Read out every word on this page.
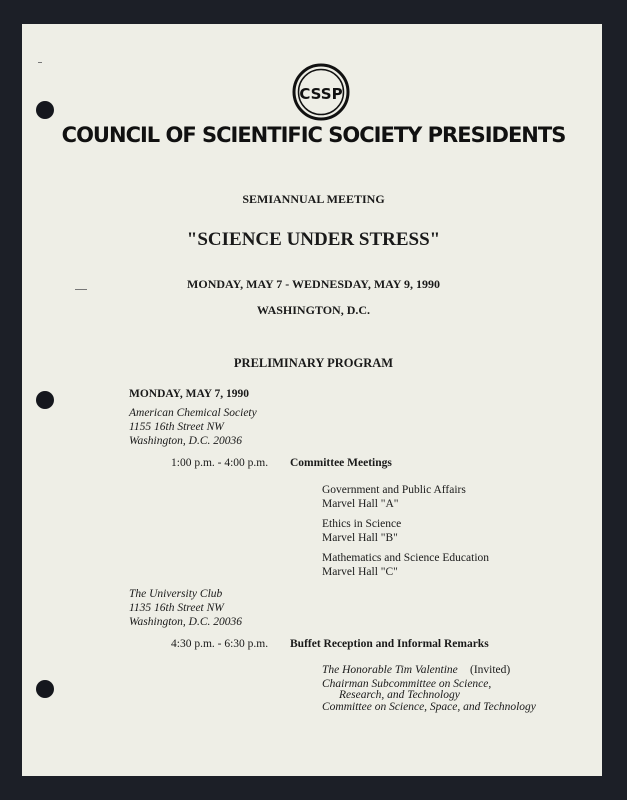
CSSP
COUNCIL OF SCIENTIFIC SOCIETY PRESIDENTS
SEMIANNUAL MEETING
"SCIENCE UNDER STRESS"
MONDAY, MAY 7 - WEDNESDAY, MAY 9, 1990
WASHINGTON, D.C.
PRELIMINARY PROGRAM
MONDAY, MAY 7, 1990
American Chemical Society
1155 16th Street NW
Washington, D.C. 20036
1:00 p.m. - 4:00 p.m. Committee Meetings
Government and Public Affairs
Marvel Hall "A"
Ethics in Science
Marvel Hall "B"
Mathematics and Science Education
Marvel Hall "C"
The University Club
1135 16th Street NW
Washington, D.C. 20036
4:30 p.m. - 6:30 p.m. Buffet Reception and Informal Remarks
The Honorable Tim Valentine (Invited)
Chairman Subcommittee on Science,
Research, and Technology
Committee on Science, Space, and Technology
